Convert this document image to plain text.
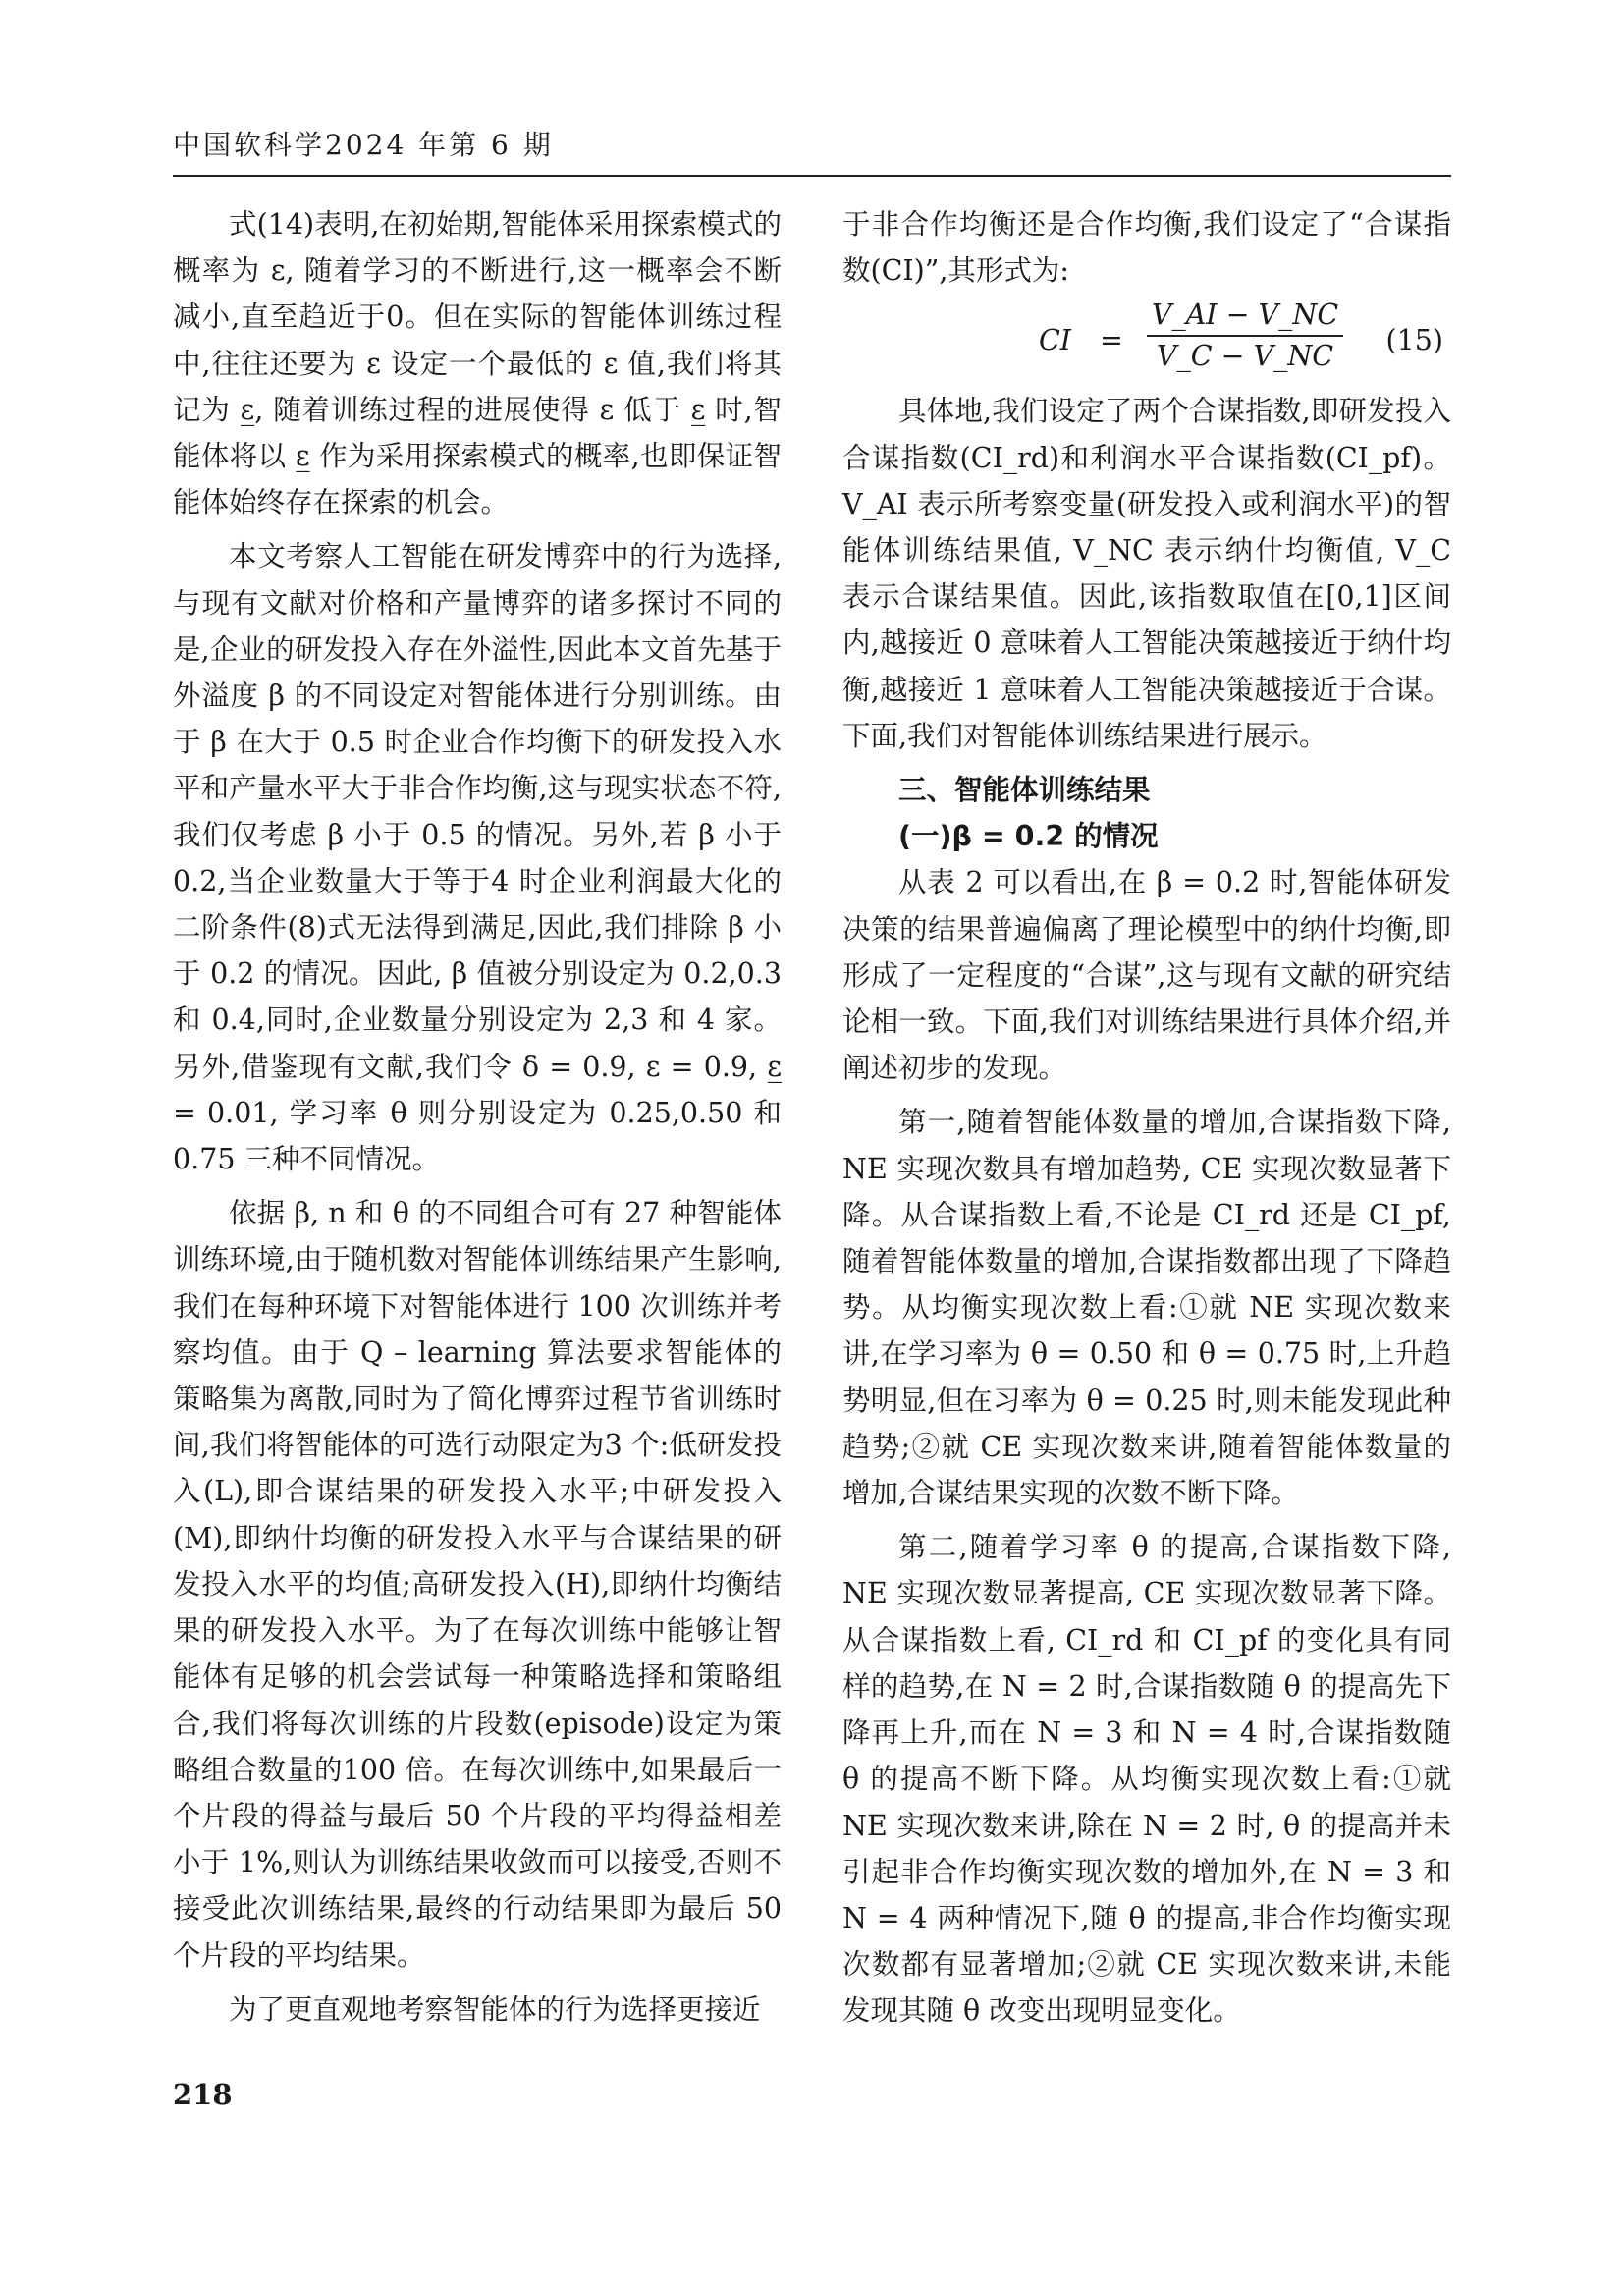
中国软科学2024 年第 6 期

式(14)表明,在初始期,智能体采用探索模式的概率为 ε, 随着学习的不断进行,这一概率会不断减小,直至趋近于0。但在实际的智能体训练过程中,往往还要为 ε 设定一个最低的 ε 值,我们将其记为 ε̲, 随着训练过程的进展使得 ε 低于 ε̲ 时,智能体将以 ε̲ 作为采用探索模式的概率,也即保证智能体始终存在探索的机会。

本文考察人工智能在研发博弈中的行为选择,与现有文献对价格和产量博弈的诸多探讨不同的是,企业的研发投入存在外溢性,因此本文首先基于外溢度 β 的不同设定对智能体进行分别训练。由于 β 在大于 0.5 时企业合作均衡下的研发投入水平和产量水平大于非合作均衡,这与现实状态不符,我们仅考虑 β 小于 0.5 的情况。另外,若 β 小于 0.2,当企业数量大于等于4 时企业利润最大化的二阶条件(8)式无法得到满足,因此,我们排除 β 小于 0.2 的情况。因此, β 值被分别设定为 0.2,0.3 和 0.4,同时,企业数量分别设定为 2,3 和 4 家。另外,借鉴现有文献,我们令 δ = 0.9, ε = 0.9, ε̲ = 0.01, 学习率 θ 则分别设定为 0.25,0.50 和 0.75 三种不同情况。

依据 β, n 和 θ 的不同组合可有 27 种智能体训练环境,由于随机数对智能体训练结果产生影响,我们在每种环境下对智能体进行 100 次训练并考察均值。由于 Q – learning 算法要求智能体的策略集为离散,同时为了简化博弈过程节省训练时间,我们将智能体的可选行动限定为3 个:低研发投入(L),即合谋结果的研发投入水平;中研发投入(M),即纳什均衡的研发投入水平与合谋结果的研发投入水平的均值;高研发投入(H),即纳什均衡结果的研发投入水平。为了在每次训练中能够让智能体有足够的机会尝试每一种策略选择和策略组合,我们将每次训练的片段数(episode)设定为策略组合数量的100 倍。在每次训练中,如果最后一个片段的得益与最后 50 个片段的平均得益相差小于 1%,则认为训练结果收敛而可以接受,否则不接受此次训练结果,最终的行动结果即为最后 50 个片段的平均结果。

为了更直观地考察智能体的行为选择更接近

于非合作均衡还是合作均衡,我们设定了“合谋指数(CI)”,其形式为:

CI = $\frac{V\_AI - V\_NC}{V\_C - V\_NC} (15)$

具体地,我们设定了两个合谋指数,即研发投入合谋指数(CI_rd)和利润水平合谋指数(CI_pf)。V_AI 表示所考察变量(研发投入或利润水平)的智能体训练结果值, V_NC 表示纳什均衡值, V_C 表示合谋结果值。因此,该指数取值在[0,1]区间内,越接近 0 意味着人工智能决策越接近于纳什均衡,越接近 1 意味着人工智能决策越接近于合谋。下面,我们对智能体训练结果进行展示。

三、智能体训练结果

(一)β = 0.2 的情况

从表 2 可以看出,在 β = 0.2 时,智能体研发决策的结果普遍偏离了理论模型中的纳什均衡,即形成了一定程度的“合谋”,这与现有文献的研究结论相一致。下面,我们对训练结果进行具体介绍,并阐述初步的发现。

第一,随着智能体数量的增加,合谋指数下降, NE 实现次数具有增加趋势, CE 实现次数显著下降。从合谋指数上看,不论是 CI_rd 还是 CI_pf,随着智能体数量的增加,合谋指数都出现了下降趋势。从均衡实现次数上看:①就 NE 实现次数来讲,在学习率为 θ = 0.50 和 θ = 0.75 时,上升趋势明显,但在习率为 θ = 0.25 时,则未能发现此种趋势;②就 CE 实现次数来讲,随着智能体数量的增加,合谋结果实现的次数不断下降。

第二,随着学习率 θ 的提高,合谋指数下降, NE 实现次数显著提高, CE 实现次数显著下降。从合谋指数上看, CI_rd 和 CI_pf 的变化具有同样的趋势,在 N = 2 时,合谋指数随 θ 的提高先下降再上升,而在 N = 3 和 N = 4 时,合谋指数随 θ 的提高不断下降。从均衡实现次数上看:①就 NE 实现次数来讲,除在 N = 2 时, θ 的提高并未引起非合作均衡实现次数的增加外,在 N = 3 和 N = 4 两种情况下,随 θ 的提高,非合作均衡实现次数都有显著增加;②就 CE 实现次数来讲,未能发现其随 θ 改变出现明显变化。

218
